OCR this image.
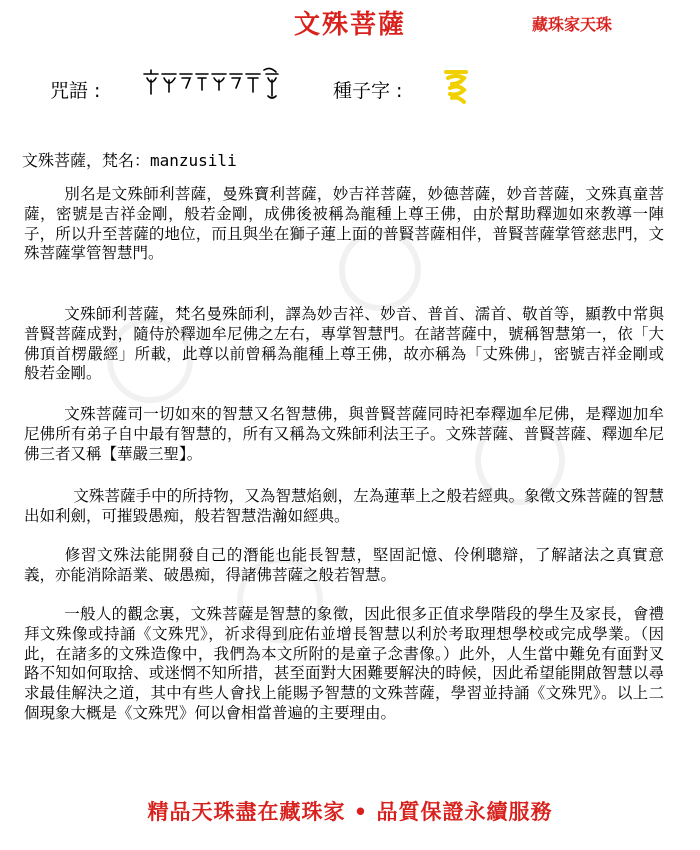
文殊菩薩	藏珠家天珠
咒語 :	種子字 :
文殊菩薩，梵名：manzusili

別名是文殊師利菩薩，曼殊寶利菩薩，妙吉祥菩薩，妙德菩薩，妙音菩薩，文殊真童菩薩，密號是吉祥金剛，般若金剛，成佛後被稱為龍種上尊王佛，由於幫助釋迦如來教導一陣子，所以升至菩薩的地位，而且與坐在獅子蓮上面的普賢菩薩相伴，普賢菩薩掌管慈悲門，文殊菩薩掌管智慧門。

文殊師利菩薩，梵名曼殊師利，譯為妙吉祥、妙音、普首、濡首、敬首等，顯教中常與普賢菩薩成對，隨侍於釋迦牟尼佛之左右，專掌智慧門。在諸菩薩中，號稱智慧第一，依「大佛頂首楞嚴經」所載，此尊以前曾稱為龍種上尊王佛，故亦稱為「丈殊佛」，密號吉祥金剛或般若金剛。

文殊菩薩司一切如來的智慧又名智慧佛，與普賢菩薩同時祀奉釋迦牟尼佛，是釋迦加牟尼佛所有弟子自中最有智慧的，所有又稱為文殊師利法王子。文殊菩薩、普賢菩薩、釋迦牟尼佛三者又稱【華嚴三聖】。

文殊菩薩手中的所持物，又為智慧焰劍，左為蓮華上之般若經典。象徵文殊菩薩的智慧出如利劍，可摧毀愚痴，般若智慧浩瀚如經典。

修習文殊法能開發自己的潛能也能長智慧，堅固記憶、伶俐聰辯，了解諸法之真實意義，亦能消除語業、破愚痴，得諸佛菩薩之般若智慧。

一般人的觀念裏，文殊菩薩是智慧的象徵，因此很多正值求學階段的學生及家長，會禮拜文殊像或持誦《文殊咒》，祈求得到庇佑並增長智慧以利於考取理想學校或完成學業。（因此，在諸多的文殊造像中，我們為本文所附的是童子念書像。）此外，人生當中難免有面對叉路不知如何取捨、或迷惘不知所措，甚至面對大困難要解決的時候，因此希望能開啟智慧以尋求最佳解決之道，其中有些人會找上能賜予智慧的文殊菩薩，學習並持誦《文殊咒》。以上二個現象大概是《文殊咒》何以會相當普遍的主要理由。

精品天珠盡在藏珠家 • 品質保證永續服務
